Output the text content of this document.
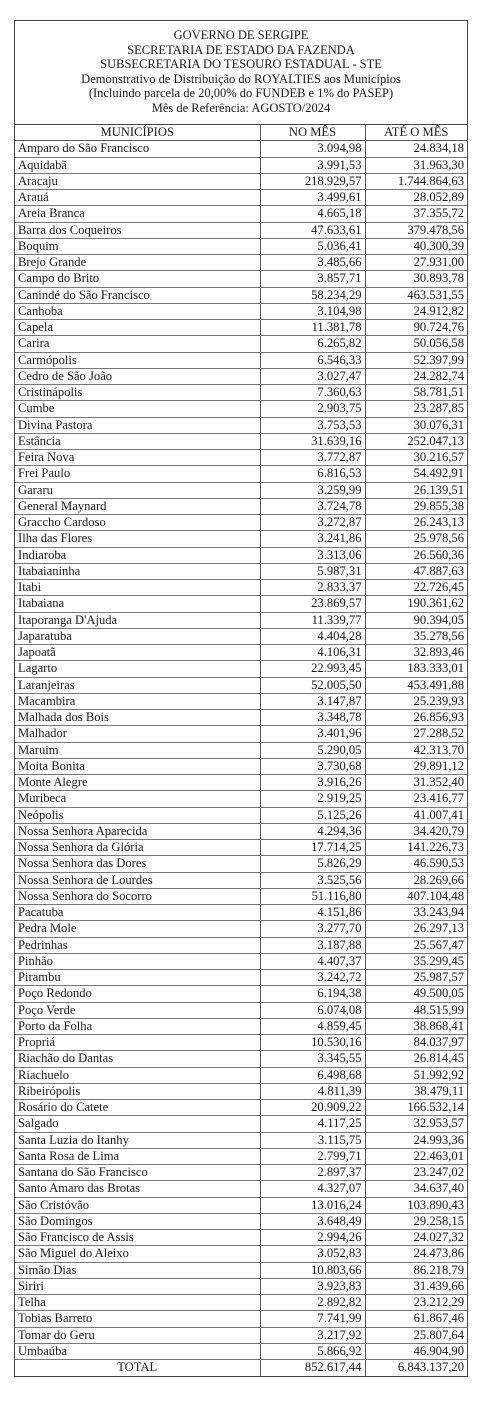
GOVERNO DE SERGIPE
SECRETARIA DE ESTADO DA FAZENDA
SUBSECRETARIA DO TESOURO ESTADUAL - STE
Demonstrativo de Distribuição do ROYALTIES aos Municípios
(Incluindo parcela de 20,00% do FUNDEB e 1% do PASEP)
Mês de Referência: AGOSTO/2024
MUNICÍPIOS	NO MÊS	ATÉ O MÊS
Amparo do São Francisco	3.094,98	24.834,18
Aquidabã	3.991,53	31.963,30
Aracaju	218.929,57	1.744.864,63
Arauá	3.499,61	28.052,89
Areia Branca	4.665,18	37.355,72
Barra dos Coqueiros	47.633,61	379.478,56
Boquim	5.036,41	40.300,39
Brejo Grande	3.485,66	27.931,00
Campo do Brito	3.857,71	30.893,78
Canindé do São Francisco	58.234,29	463.531,55
Canhoba	3.104,98	24.912,82
Capela	11.381,78	90.724,76
Carira	6.265,82	50.056,58
Carmópolis	6.546,33	52.397,99
Cedro de São João	3.027,47	24.282,74
Cristinápolis	7.360,63	58.781,51
Cumbe	2.903,75	23.287,85
Divina Pastora	3.753,53	30.076,31
Estância	31.639,16	252.047,13
Feira Nova	3.772,87	30.216,57
Frei Paulo	6.816,53	54.492,91
Gararu	3.259,99	26.139,51
General Maynard	3.724,78	29.855,38
Graccho Cardoso	3.272,87	26.243,13
Ilha das Flores	3.241,86	25.978,56
Indiaroba	3.313,06	26.560,36
Itabaianinha	5.987,31	47.887,63
Itabi	2.833,37	22.726,45
Itabaiana	23.869,57	190.361,62
Itaporanga D'Ajuda	11.339,77	90.394,05
Japaratuba	4.404,28	35.278,56
Japoatã	4.106,31	32.893,46
Lagarto	22.993,45	183.333,01
Laranjeiras	52.005,50	453.491,88
Macambira	3.147,87	25.239,93
Malhada dos Bois	3.348,78	26.856,93
Malhador	3.401,96	27.288,52
Maruim	5.290,05	42.313,70
Moita Bonita	3.730,68	29.891,12
Monte Alegre	3.916,26	31.352,40
Muribeca	2.919,25	23.416,77
Neópolis	5.125,26	41.007,41
Nossa Senhora Aparecida	4.294,36	34.420,79
Nossa Senhora da Glória	17.714,25	141.226,73
Nossa Senhora das Dores	5.826,29	46.590,53
Nossa Senhora de Lourdes	3.525,56	28.269,66
Nossa Senhora do Socorro	51.116,80	407.104,48
Pacatuba	4.151,86	33.243,94
Pedra Mole	3.277,70	26.297,13
Pedrinhas	3.187,88	25.567,47
Pinhão	4.407,37	35.299,45
Pirambu	3.242,72	25.987,57
Poço Redondo	6.194,38	49.500,05
Poço Verde	6.074,08	48.515,99
Porto da Folha	4.859,45	38.868,41
Propriá	10.530,16	84.037,97
Riachão do Dantas	3.345,55	26.814,45
Riachuelo	6.498,68	51.992,92
Ribeirópolis	4.811,39	38.479,11
Rosário do Catete	20.909,22	166.532,14
Salgado	4.117,25	32.953,57
Santa Luzia do Itanhy	3.115,75	24.993,36
Santa Rosa de Lima	2.799,71	22.463,01
Santana do São Francisco	2.897,37	23.247,02
Santo Amaro das Brotas	4.327,07	34.637,40
São Cristóvão	13.016,24	103.890,43
São Domingos	3.648,49	29.258,15
São Francisco de Assis	2.994,26	24.027,32
São Miguel do Aleixo	3.052,83	24.473,86
Simão Dias	10.803,66	86.218,79
Siriri	3.923,83	31.439,66
Telha	2.892,82	23.212,29
Tobias Barreto	7.741,99	61.867,46
Tomar do Geru	3.217,92	25.807,64
Umbaúba	5.866,92	46.904,90
TOTAL	852.617,44	6.843.137,20
